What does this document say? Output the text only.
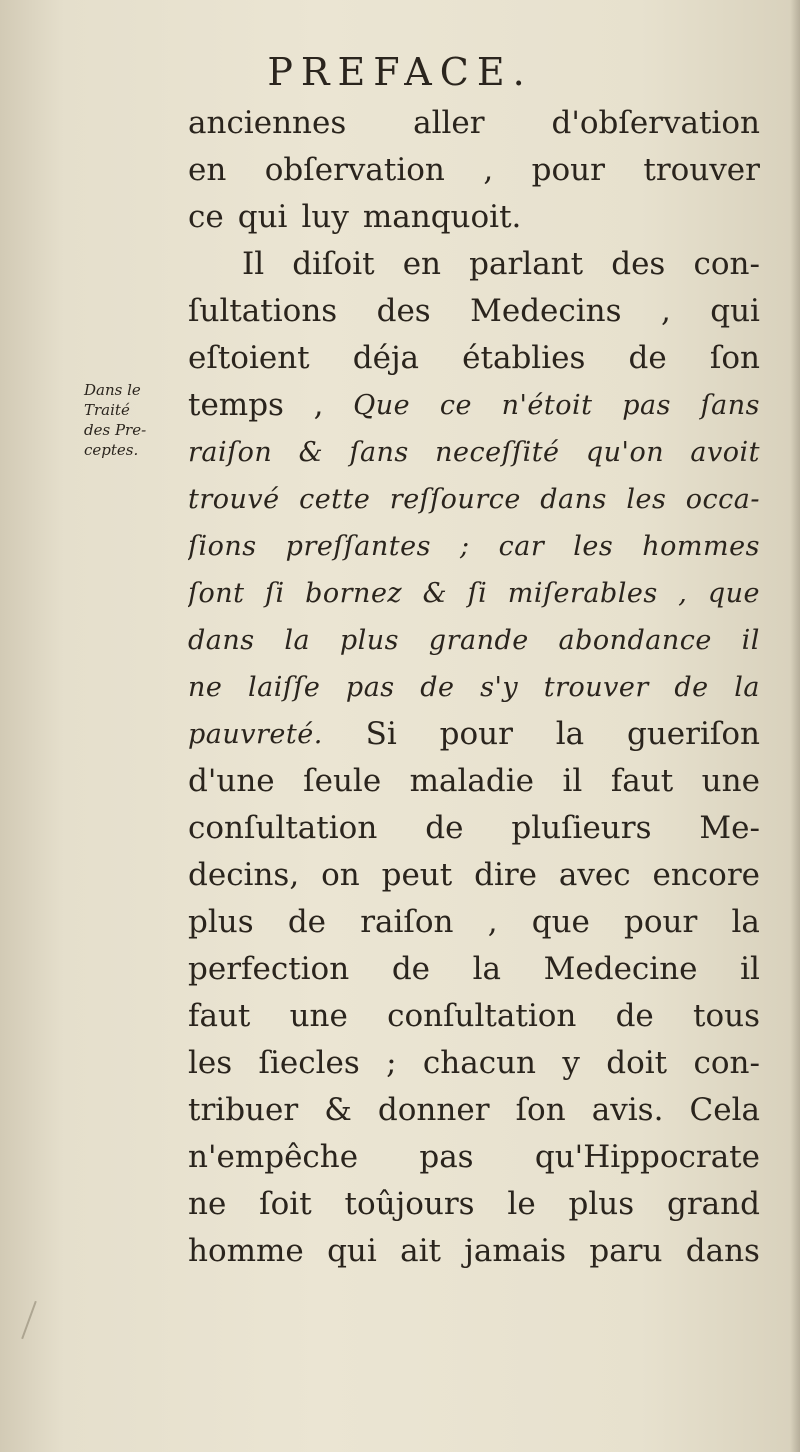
PREFACE.
Dans le
Traité
des Pre-
ceptes.
anciennes aller d'obſervation
en obſervation , pour trouver
ce qui luy manquoit.
Il diſoit en parlant des con-
ſultations des Medecins , qui
eſtoient déja établies de ſon
temps , Que ce n'étoit pas ſans
raiſon & ſans neceſſité qu'on avoit
trouvé cette reſſource dans les occa-
ſions preſſantes ; car les hommes
ſont ſi bornez & ſi miſerables , que
dans la plus grande abondance il
ne laiſſe pas de s'y trouver de la
pauvreté. Si pour la gueriſon
d'une ſeule maladie il faut une
conſultation de pluſieurs Me-
decins, on peut dire avec encore
plus de raiſon , que pour la
perfection de la Medecine il
faut une conſultation de tous
les ſiecles ; chacun y doit con-
tribuer & donner ſon avis. Cela
n'empêche pas qu'Hippocrate
ne ſoit toûjours le plus grand
homme qui ait jamais paru dans
